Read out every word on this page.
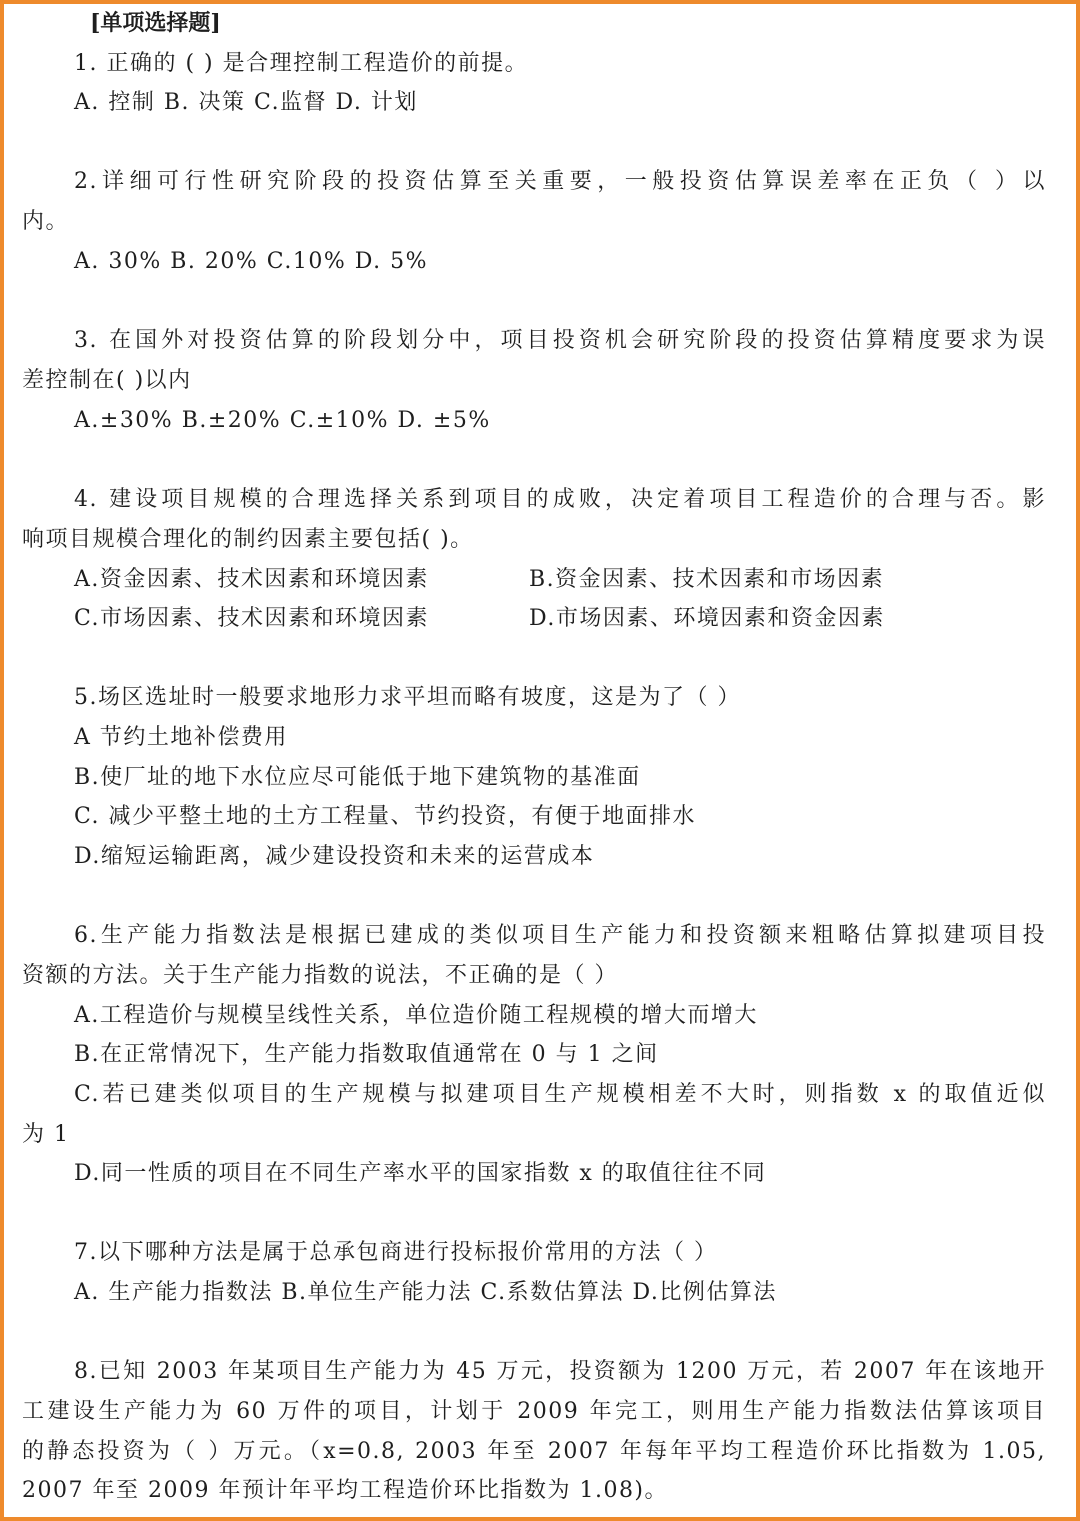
[单项选择题]
1. 正确的 ( ) 是合理控制工程造价的前提。
A. 控制 B. 决策 C.监督 D. 计划
2.详细可行性研究阶段的投资估算至关重要，一般投资估算误差率在正负（ ）以
内。
A. 30% B. 20% C.10% D. 5%
3. 在国外对投资估算的阶段划分中，项目投资机会研究阶段的投资估算精度要求为误
差控制在( )以内
A.±30% B.±20% C.±10% D. ±5%
4. 建设项目规模的合理选择关系到项目的成败，决定着项目工程造价的合理与否。影
响项目规模合理化的制约因素主要包括( )。
A.资金因素、技术因素和环境因素	B.资金因素、技术因素和市场因素
C.市场因素、技术因素和环境因素	D.市场因素、环境因素和资金因素
5.场区选址时一般要求地形力求平坦而略有坡度，这是为了（ ）
A 节约土地补偿费用
B.使厂址的地下水位应尽可能低于地下建筑物的基准面
C. 减少平整土地的土方工程量、节约投资，有便于地面排水
D.缩短运输距离，减少建设投资和未来的运营成本
6.生产能力指数法是根据已建成的类似项目生产能力和投资额来粗略估算拟建项目投
资额的方法。关于生产能力指数的说法，不正确的是（ ）
A.工程造价与规模呈线性关系，单位造价随工程规模的增大而增大
B.在正常情况下，生产能力指数取值通常在 0 与 1 之间
C.若已建类似项目的生产规模与拟建项目生产规模相差不大时，则指数 x 的取值近似
为 1
D.同一性质的项目在不同生产率水平的国家指数 x 的取值往往不同
7.以下哪种方法是属于总承包商进行投标报价常用的方法（ ）
A. 生产能力指数法 B.单位生产能力法 C.系数估算法 D.比例估算法
8.已知 2003 年某项目生产能力为 45 万元，投资额为 1200 万元，若 2007 年在该地开
工建设生产能力为 60 万件的项目，计划于 2009 年完工，则用生产能力指数法估算该项目
的静态投资为（ ）万元。（x=0.8, 2003 年至 2007 年每年平均工程造价环比指数为 1.05,
2007 年至 2009 年预计年平均工程造价环比指数为 1.08)。
